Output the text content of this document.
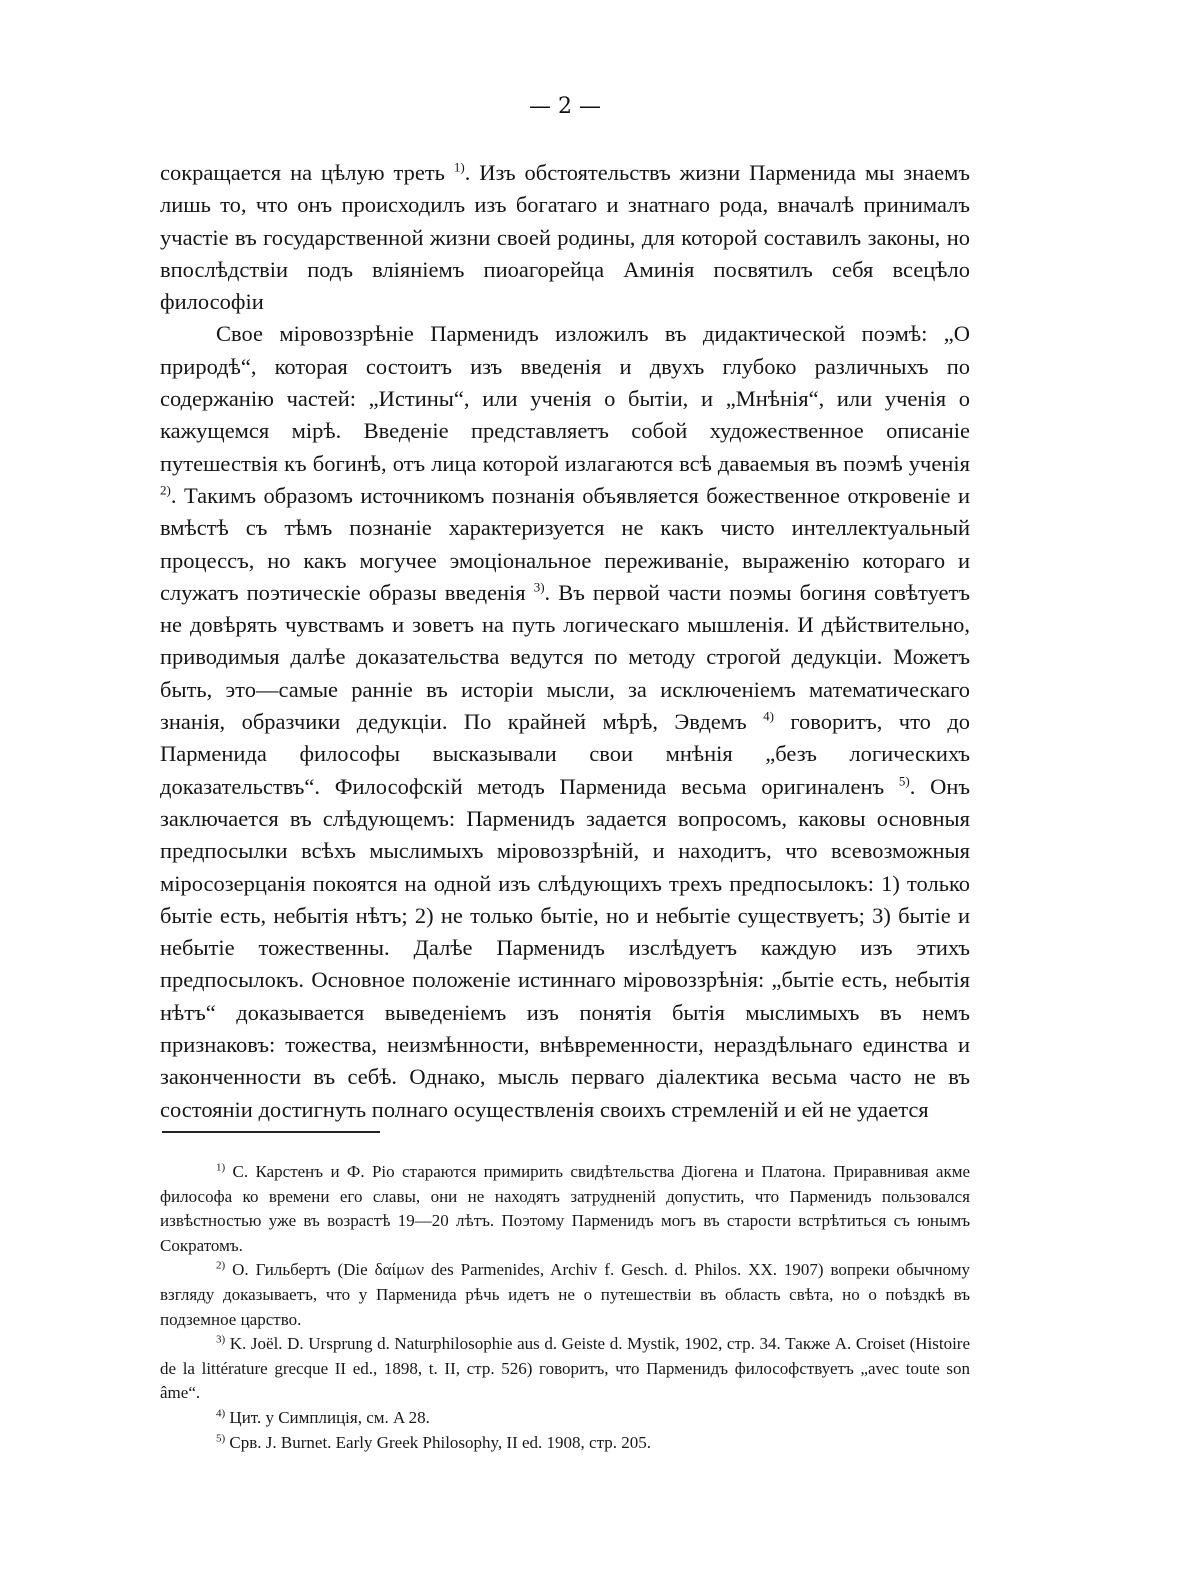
— 2 —

сокращается на цѣлую треть $^{1)}$. Изъ обстоятельствъ жизни Парменида мы знаемъ лишь то, что онъ происходилъ изъ богатаго и знатнаго рода, вначалѣ принималъ участіе въ государственной жизни своей родины, для которой составилъ законы, но впослѣдствіи подъ вліяніемъ пиоагорейца Аминія посвятилъ себя всецѣло философіи

Свое міровоззрѣніе Парменидъ изложилъ въ дидактической поэмѣ: „О природѣ“, которая состоитъ изъ введенія и двухъ глубоко различныхъ по содержанію частей: „Истины“, или ученія о бытіи, и „Мнѣнія“, или ученія о кажущемся мірѣ. Введеніе представляетъ собой художественное описаніе путешествія къ богинѣ, отъ лица которой излагаются всѣ даваемыя въ поэмѣ ученія $^{2)}$. Такимъ образомъ источникомъ познанія объявляется божественное откровеніе и вмѣстѣ съ тѣмъ познаніе характеризуется не какъ чисто интеллектуальный процессъ, но какъ могучее эмоціональное переживаніе, выраженію котораго и служатъ поэтическіе образы введенія $^{3)}$. Въ первой части поэмы богиня совѣтуетъ не довѣрять чувствамъ и зоветъ на путь логическаго мышленія. И дѣйствительно, приводимыя далѣе доказательства ведутся по методу строгой дедукціи. Можетъ быть, это—самые ранніе въ исторіи мысли, за исключеніемъ математическаго знанія, образчики дедукціи. По крайней мѣрѣ, Эвдемъ $^{4)}$ говоритъ, что до Парменида философы высказывали свои мнѣнія „безъ логическихъ доказательствъ“. Философскій методъ Парменида весьма оригиналенъ $^{5)}$. Онъ заключается въ слѣдующемъ: Парменидъ задается вопросомъ, каковы основныя предпосылки всѣхъ мыслимыхъ міровоззрѣній, и находитъ, что всевозможныя міросозерцанія покоятся на одной изъ слѣдующихъ трехъ предпосылокъ: 1) только бытіе есть, небытія нѣтъ; 2) не только бытіе, но и небытіе существуетъ; 3) бытіе и небытіе тожественны. Далѣе Парменидъ изслѣдуетъ каждую изъ этихъ предпосылокъ. Основное положеніе истиннаго міровоззрѣнія: „бытіе есть, небытія нѣтъ“ доказывается выведеніемъ изъ понятія бытія мыслимыхъ въ немъ признаковъ: тожества, неизмѣнности, внѣвременности, нераздѣльнаго единства и законченности въ себѣ. Однако, мысль перваго діалектика весьма часто не въ состояніи достигнуть полнаго осуществленія своихъ стремленій и ей не удается

$^{1)}$ С. Карстенъ и Ф. Ріо стараются примирить свидѣтельства Діогена и Платона. Приравнивая акме философа ко времени его славы, они не находятъ затрудненій допустить, что Парменидъ пользовался извѣстностью уже въ возрастѣ 19—20 лѣтъ. Поэтому Парменидъ могъ въ старости встрѣтиться съ юнымъ Сократомъ.

$^{2)}$ О. Гильбертъ (Die δαίμων des Parmenides, Archiv f. Gesch. d. Philos. XX. 1907) вопреки обычному взгляду доказываетъ, что у Парменида рѣчь идетъ не о путешествіи въ область свѣта, но о поѣздкѣ въ подземное царство.

$^{3)}$ K. Joël. D. Ursprung d. Naturphilosophie aus d. Geiste d. Mystik, 1902, стр. 34. Также A. Croiset (Histoire de la littérature grecque II ed., 1898, t. II, стр. 526) говоритъ, что Парменидъ философствуетъ „avec toute son âme“.

$^{4)}$ Цит. у Симплиція, см. A 28.

$^{5)}$ Срв. J. Burnet. Early Greek Philosophy, II ed. 1908, стр. 205.
